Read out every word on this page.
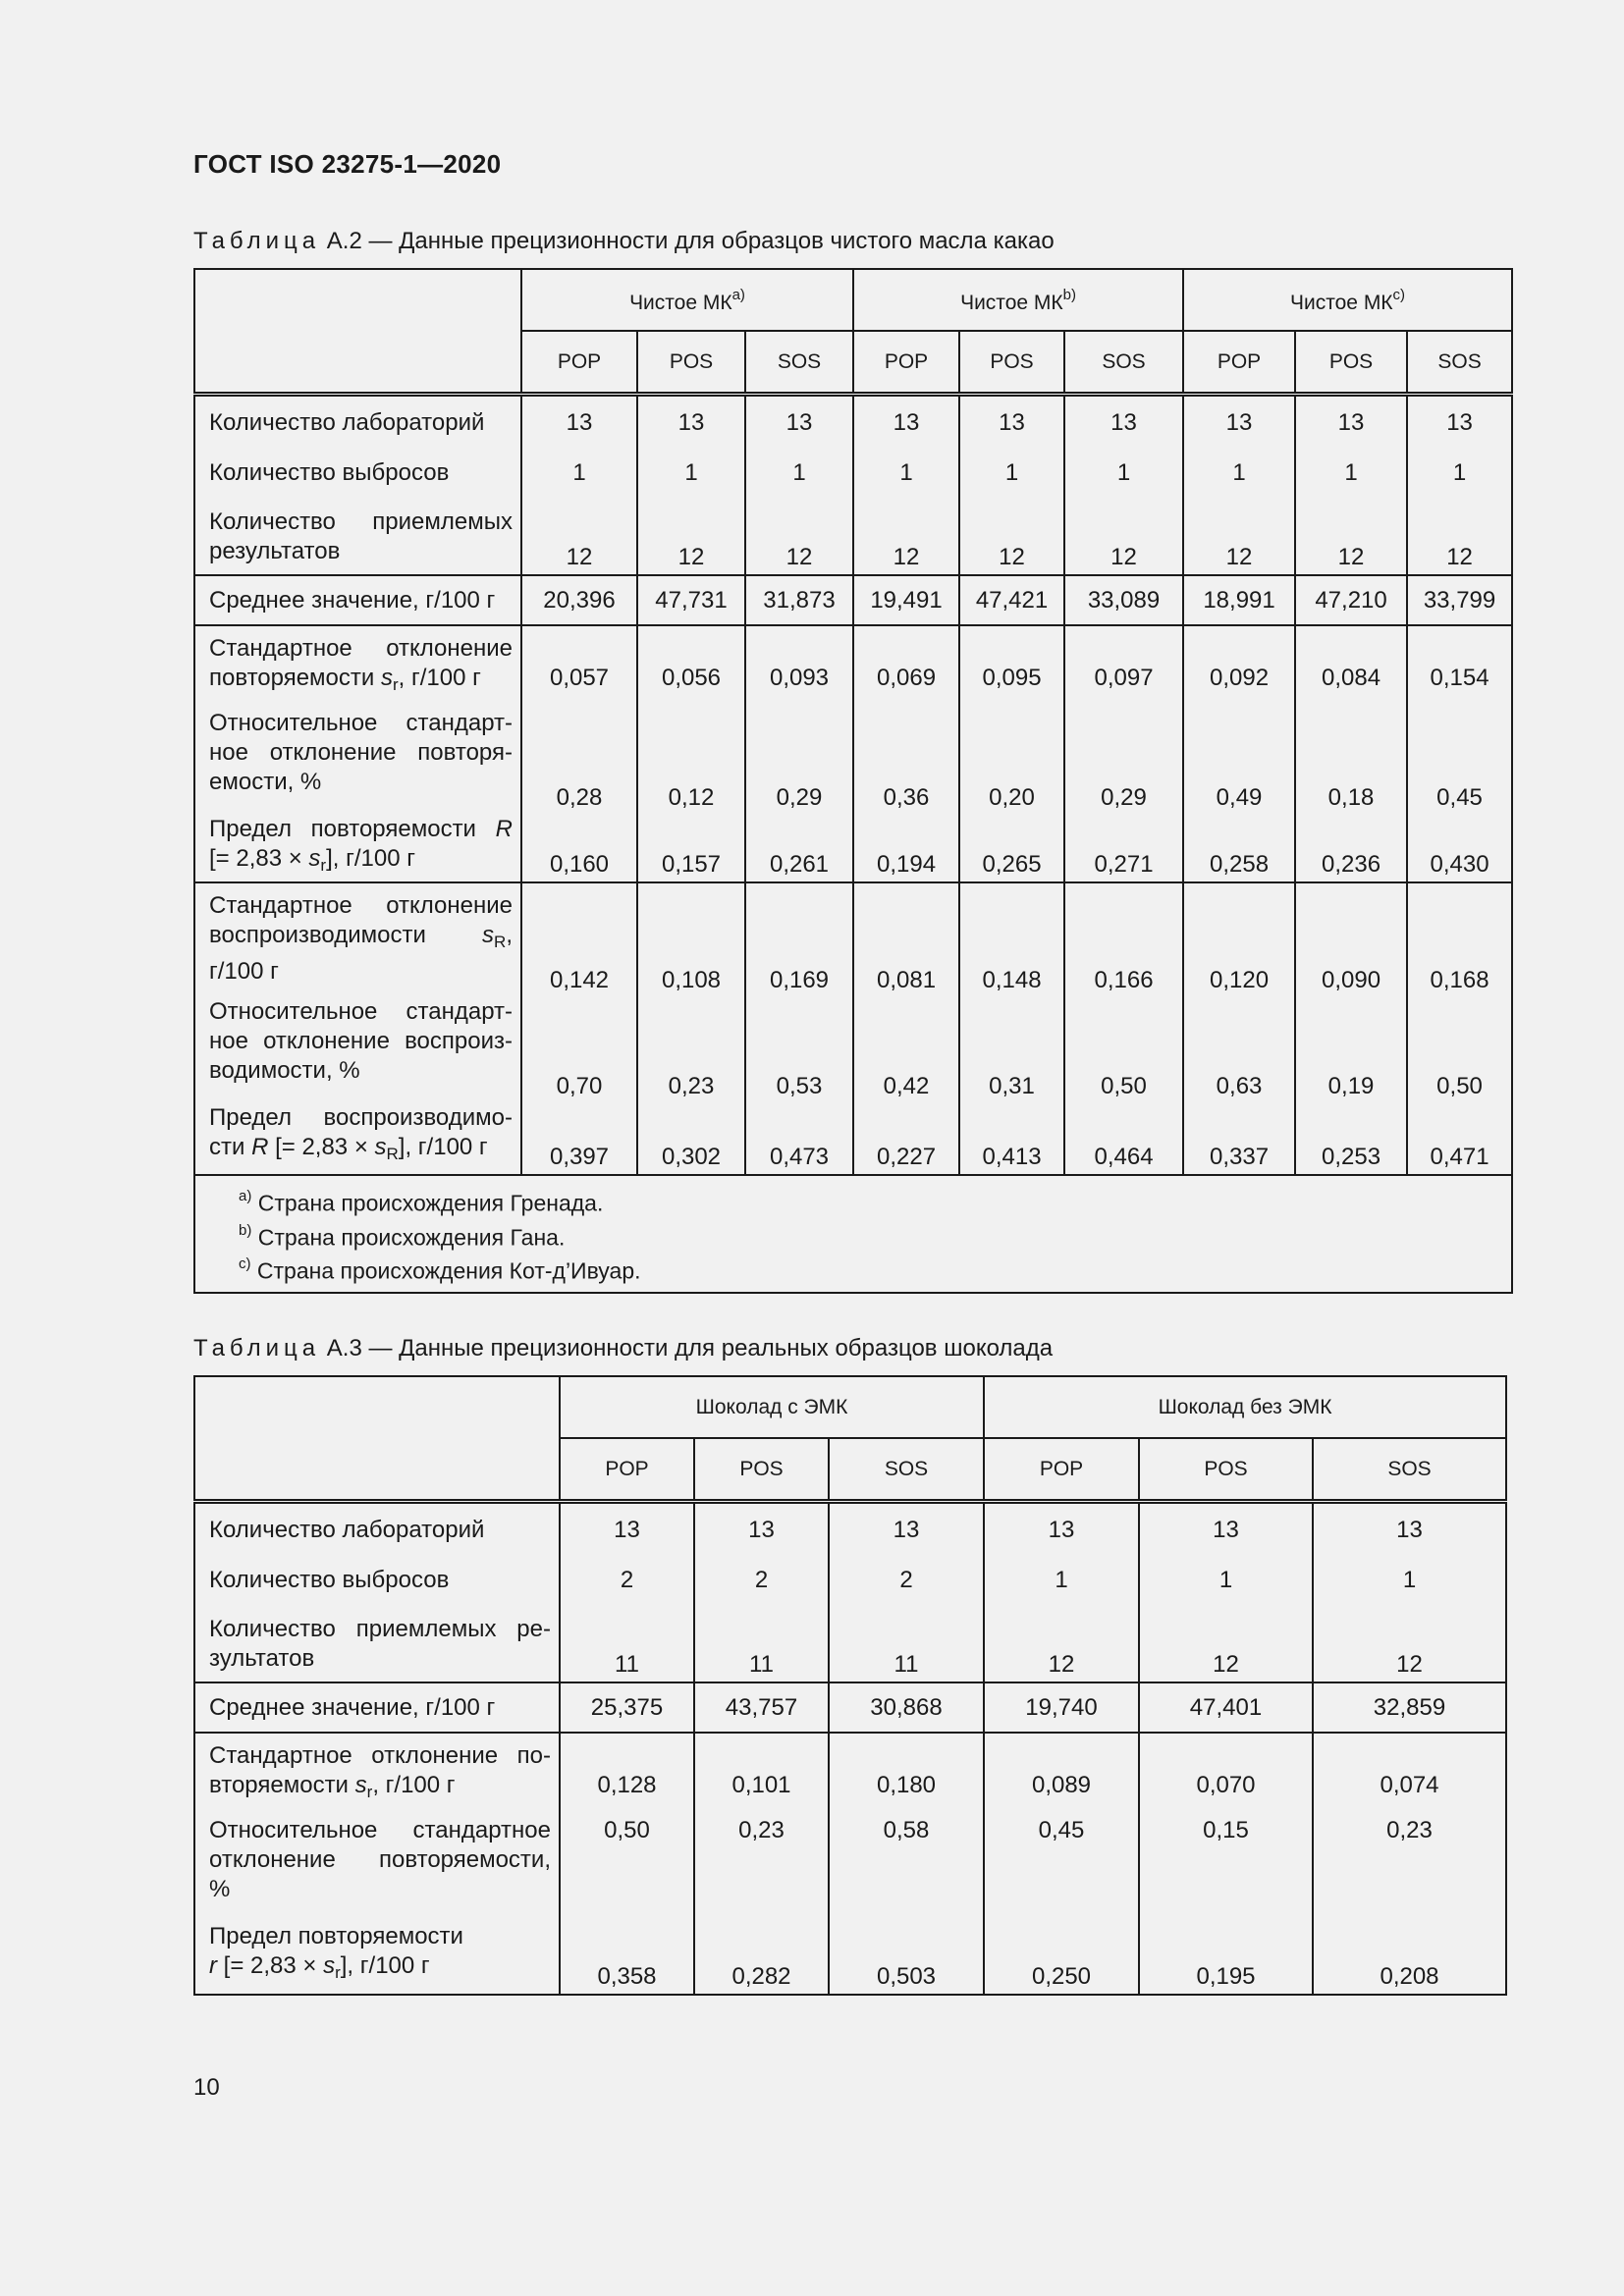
ГОСТ ISO 23275-1—2020
Таблица А.2 — Данные прецизионности для образцов чистого масла какао
	Чистое МК$^{a)}$			Чистое МК$^{b)}$			Чистое МК$^{c)}$
	POP	POS	SOS	POP	POS	SOS	POP	POS	SOS

Количество лабораторий	13	13	13	13	13	13	13	13	13

Количество выбросов	1	1	1	1	1	1	1	1	1

Количество приемлемых
результатов	12	12	12	12	12	12	12	12	12

Среднее значение, г/100 г	20,396	47,731	31,873	19,491	47,421	33,089	18,991	47,210	33,799

Стандартное отклонение
повторяемости $s_r$, г/100 г	0,057	0,056	0,093	0,069	0,095	0,097	0,092	0,084	0,154

Относительное стандарт-
ное отклонение повторя-
емости, %	0,28	0,12	0,29	0,36	0,20	0,29	0,49	0,18	0,45

Предел повторяемости R
[= $2,83 \times s_r$], г/100 г	0,160	0,157	0,261	0,194	0,265	0,271	0,258	0,236	0,430

Стандартное отклонение
воспроизводимости $s_R$,
г/100 г	0,142	0,108	0,169	0,081	0,148	0,166	0,120	0,090	0,168

Относительное стандарт-
ное отклонение воспроиз-
водимости, %	0,70	0,23	0,53	0,42	0,31	0,50	0,63	0,19	0,50

Предел воспроизводимо-
сти R [= $2,83 \times s_R$], г/100 г	0,397	0,302	0,473	0,227	0,413	0,464	0,337	0,253	0,471

$^{a)}$ Страна происхождения Гренада.
$^{b)}$ Страна происхождения Гана.
$^{c)}$ Страна происхождения Кот-д’Ивуар.									
Таблица А.3 — Данные прецизионности для реальных образцов шоколада
	Шоколад с ЭМК			Шоколад без ЭМК		
	POP	POS	SOS	POP	POS	SOS

Количество лабораторий	13	13	13	13	13	13

Количество выбросов	2	2	2	1	1	1

Количество приемлемых ре-
зультатов	11	11	11	12	12	12

Среднее значение, г/100 г	25,375	43,757	30,868	19,740	47,401	32,859

Стандартное отклонение по-
вторяемости $s_r$, г/100 г	0,128	0,101	0,180	0,089	0,070	0,074

Относительное стандартное
отклонение повторяемости,
%	0,50	0,23	0,58	0,45	0,15	0,23

Предел повторяемости
r [= $2,83 \times s_r$], г/100 г	0,358	0,282	0,503	0,250	0,195	0,208
10
